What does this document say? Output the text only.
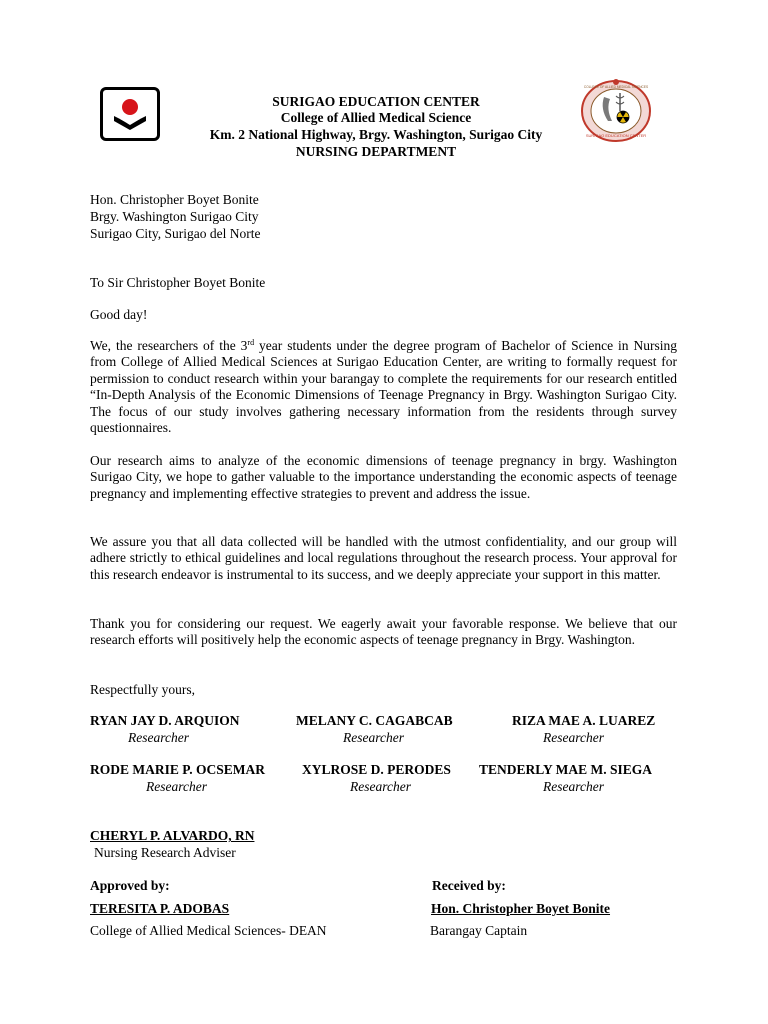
SURIGAO EDUCATION CENTER
COLLEGE OF ALLIED MEDICAL SCIENCES
SURIGAO EDUCATION CENTER
College of Allied Medical Science
Km. 2 National Highway, Brgy. Washington, Surigao City
NURSING DEPARTMENT
Hon. Christopher Boyet Bonite
Brgy. Washington Surigao City
Surigao City, Surigao del Norte
To Sir Christopher Boyet Bonite
Good day!
We, the researchers of the 3rd year students under the degree program of Bachelor of Science in Nursing from College of Allied Medical Sciences at Surigao Education Center, are writing to formally request for permission to conduct research within your barangay to complete the requirements for our research entitled “In-Depth Analysis of the Economic Dimensions of Teenage Pregnancy in Brgy. Washington Surigao City. The focus of our study involves gathering necessary information from the residents through survey questionnaires.
Our research aims to analyze of the economic dimensions of teenage pregnancy in brgy. Washington Surigao City, we hope to gather valuable to the importance understanding the economic aspects of teenage pregnancy and implementing effective strategies to prevent and address the issue.
We assure you that all data collected will be handled with the utmost confidentiality, and our group will adhere strictly to ethical guidelines and local regulations throughout the research process. Your approval for this research endeavor is instrumental to its success, and we deeply appreciate your support in this matter.
Thank you for considering our request. We eagerly await your favorable response. We believe that our research efforts will positively help the economic aspects of teenage pregnancy in Brgy. Washington.
Respectfully yours,
RYAN JAY D. ARQUION
Researcher
MELANY C. CAGABCAB
Researcher
RIZA MAE A. LUAREZ
Researcher
RODE MARIE P. OCSEMAR
Researcher
XYLROSE D. PERODES
Researcher
TENDERLY MAE M. SIEGA
Researcher
CHERYL P. ALVARDO, RN
Nursing Research Adviser
Approved by:
TERESITA P. ADOBAS
College of Allied Medical Sciences- DEAN
Received by:
Hon. Christopher Boyet Bonite
Barangay Captain
